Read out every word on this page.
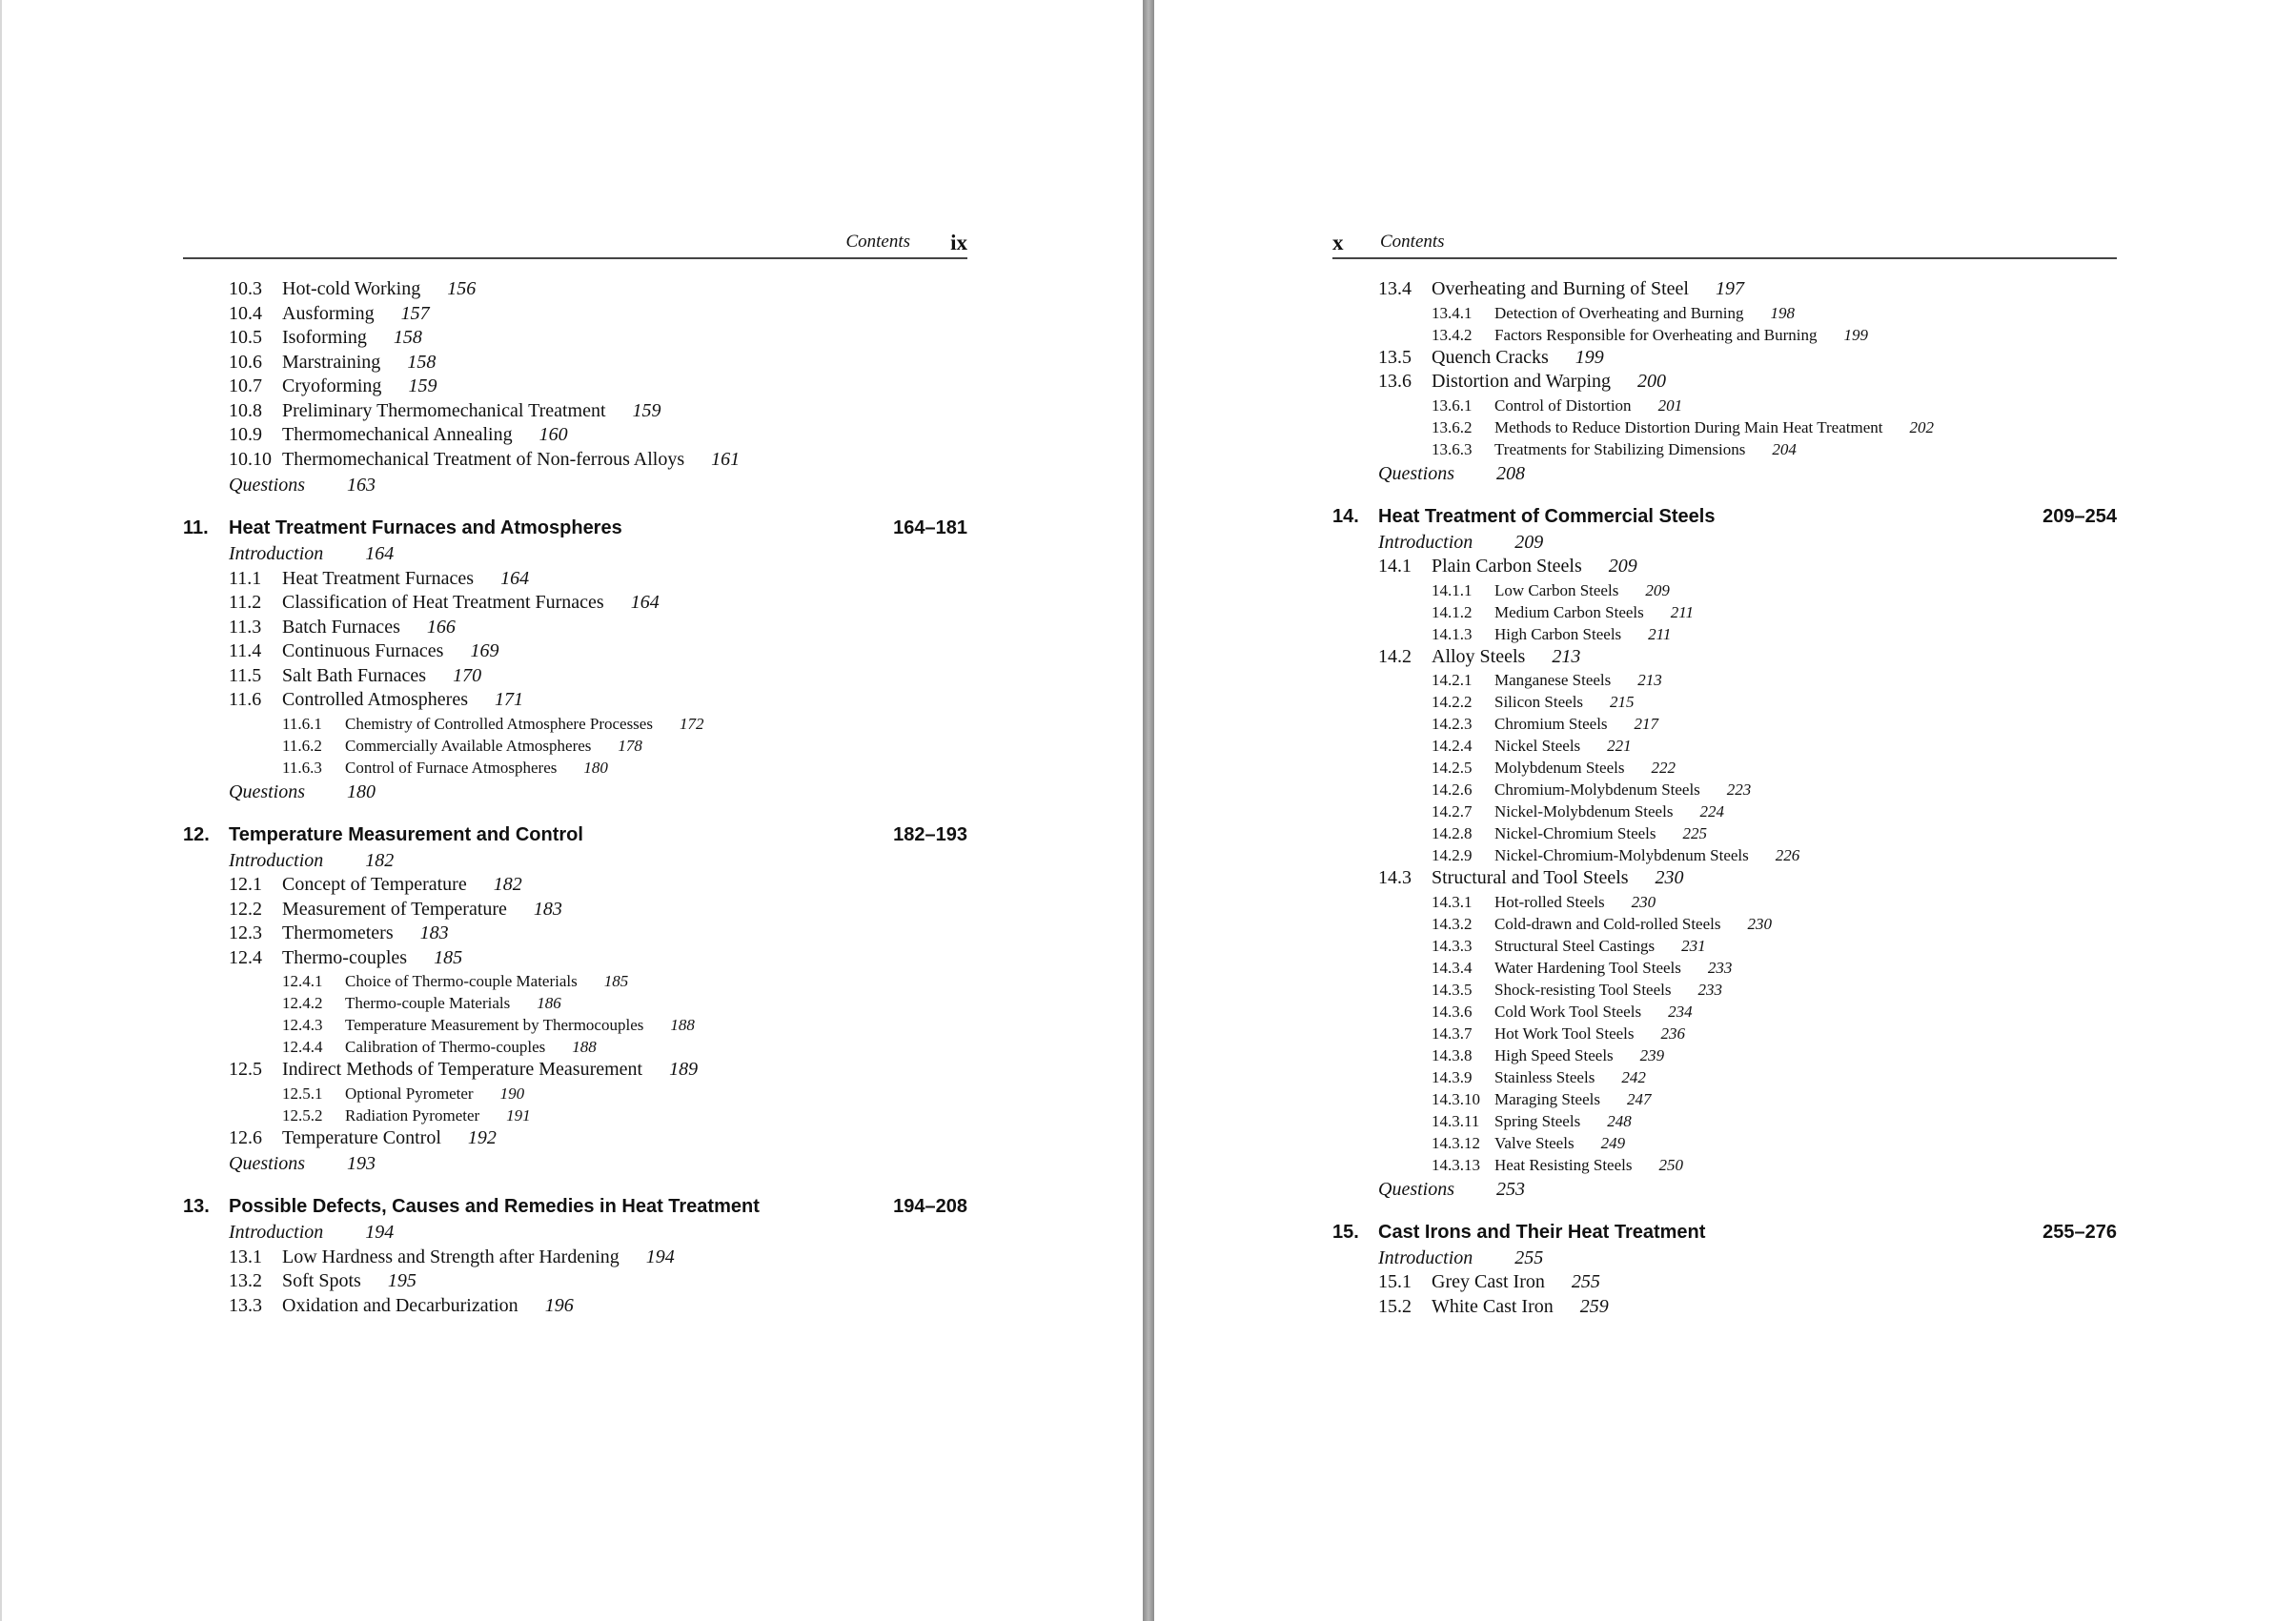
Contents ix
10.3 Hot-cold Working 156
10.4 Ausforming 157
10.5 Isoforming 158
10.6 Marstraining 158
10.7 Cryoforming 159
10.8 Preliminary Thermomechanical Treatment 159
10.9 Thermomechanical Annealing 160
10.10 Thermomechanical Treatment of Non-ferrous Alloys 161
Questions 163
11. Heat Treatment Furnaces and Atmospheres	164–181
Introduction 164
11.1 Heat Treatment Furnaces 164
11.2 Classification of Heat Treatment Furnaces 164
11.3 Batch Furnaces 166
11.4 Continuous Furnaces 169
11.5 Salt Bath Furnaces 170
11.6 Controlled Atmospheres 171
11.6.1 Chemistry of Controlled Atmosphere Processes 172
11.6.2 Commercially Available Atmospheres 178
11.6.3 Control of Furnace Atmospheres 180
Questions 180
12. Temperature Measurement and Control	182–193
Introduction 182
12.1 Concept of Temperature 182
12.2 Measurement of Temperature 183
12.3 Thermometers 183
12.4 Thermo-couples 185
12.4.1 Choice of Thermo-couple Materials 185
12.4.2 Thermo-couple Materials 186
12.4.3 Temperature Measurement by Thermocouples 188
12.4.4 Calibration of Thermo-couples 188
12.5 Indirect Methods of Temperature Measurement 189
12.5.1 Optional Pyrometer 190
12.5.2 Radiation Pyrometer 191
12.6 Temperature Control 192
Questions 193
13. Possible Defects, Causes and Remedies in Heat Treatment	194–208
Introduction 194
13.1 Low Hardness and Strength after Hardening 194
13.2 Soft Spots 195
13.3 Oxidation and Decarburization 196
x Contents
13.4 Overheating and Burning of Steel 197
13.4.1 Detection of Overheating and Burning 198
13.4.2 Factors Responsible for Overheating and Burning 199
13.5 Quench Cracks 199
13.6 Distortion and Warping 200
13.6.1 Control of Distortion 201
13.6.2 Methods to Reduce Distortion During Main Heat Treatment 202
13.6.3 Treatments for Stabilizing Dimensions 204
Questions 208
14. Heat Treatment of Commercial Steels	209–254
Introduction 209
14.1 Plain Carbon Steels 209
14.1.1 Low Carbon Steels 209
14.1.2 Medium Carbon Steels 211
14.1.3 High Carbon Steels 211
14.2 Alloy Steels 213
14.2.1 Manganese Steels 213
14.2.2 Silicon Steels 215
14.2.3 Chromium Steels 217
14.2.4 Nickel Steels 221
14.2.5 Molybdenum Steels 222
14.2.6 Chromium-Molybdenum Steels 223
14.2.7 Nickel-Molybdenum Steels 224
14.2.8 Nickel-Chromium Steels 225
14.2.9 Nickel-Chromium-Molybdenum Steels 226
14.3 Structural and Tool Steels 230
14.3.1 Hot-rolled Steels 230
14.3.2 Cold-drawn and Cold-rolled Steels 230
14.3.3 Structural Steel Castings 231
14.3.4 Water Hardening Tool Steels 233
14.3.5 Shock-resisting Tool Steels 233
14.3.6 Cold Work Tool Steels 234
14.3.7 Hot Work Tool Steels 236
14.3.8 High Speed Steels 239
14.3.9 Stainless Steels 242
14.3.10 Maraging Steels 247
14.3.11 Spring Steels 248
14.3.12 Valve Steels 249
14.3.13 Heat Resisting Steels 250
Questions 253
15. Cast Irons and Their Heat Treatment	255–276
Introduction 255
15.1 Grey Cast Iron 255
15.2 White Cast Iron 259
